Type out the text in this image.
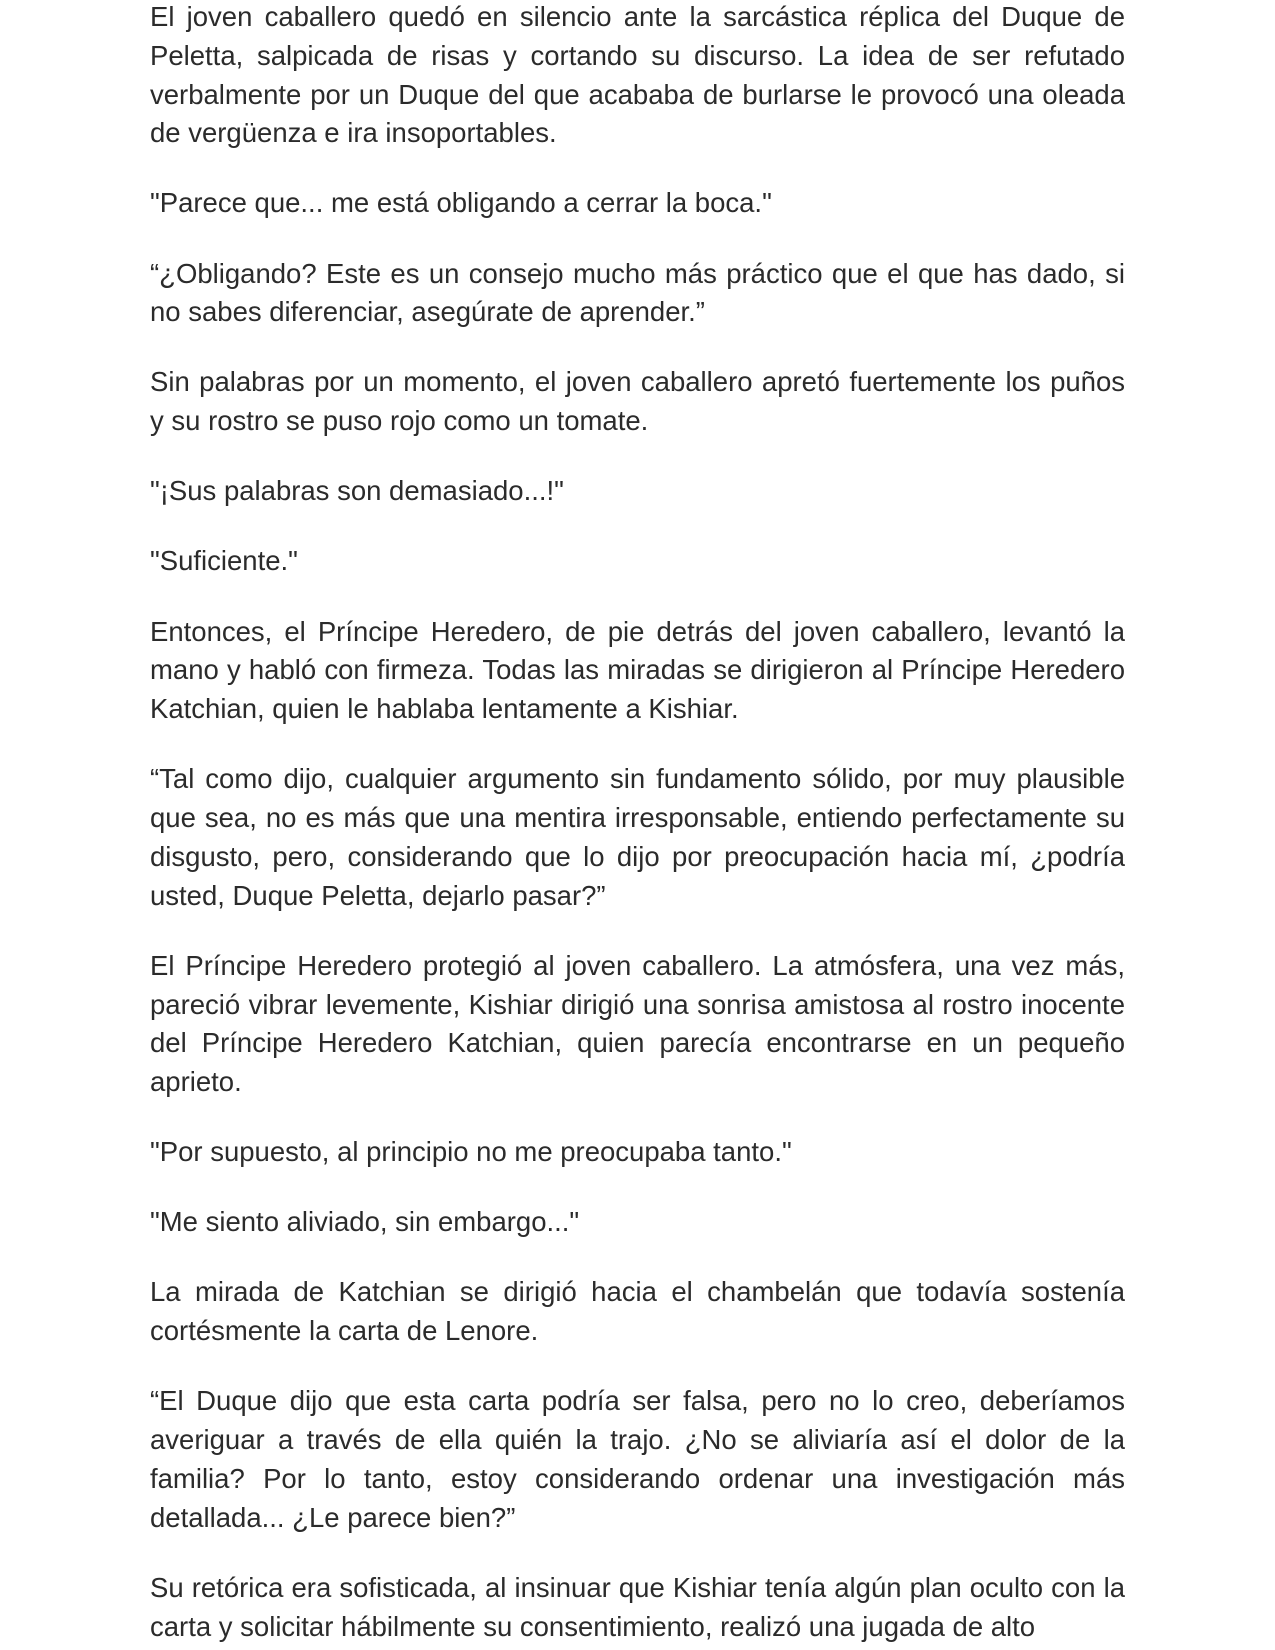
El joven caballero quedó en silencio ante la sarcástica réplica del Duque de Peletta, salpicada de risas y cortando su discurso. La idea de ser refutado verbalmente por un Duque del que acababa de burlarse le provocó una oleada de vergüenza e ira insoportables.

"Parece que... me está obligando a cerrar la boca."

“¿Obligando? Este es un consejo mucho más práctico que el que has dado, si no sabes diferenciar, asegúrate de aprender.”

Sin palabras por un momento, el joven caballero apretó fuertemente los puños y su rostro se puso rojo como un tomate.

"¡Sus palabras son demasiado...!"

"Suficiente."

Entonces, el Príncipe Heredero, de pie detrás del joven caballero, levantó la mano y habló con firmeza. Todas las miradas se dirigieron al Príncipe Heredero Katchian, quien le hablaba lentamente a Kishiar.

“Tal como dijo, cualquier argumento sin fundamento sólido, por muy plausible que sea, no es más que una mentira irresponsable, entiendo perfectamente su disgusto, pero, considerando que lo dijo por preocupación hacia mí, ¿podría usted, Duque Peletta, dejarlo pasar?”

El Príncipe Heredero protegió al joven caballero. La atmósfera, una vez más, pareció vibrar levemente, Kishiar dirigió una sonrisa amistosa al rostro inocente del Príncipe Heredero Katchian, quien parecía encontrarse en un pequeño aprieto.

"Por supuesto, al principio no me preocupaba tanto."

"Me siento aliviado, sin embargo..."

La mirada de Katchian se dirigió hacia el chambelán que todavía sostenía cortésmente la carta de Lenore.

“El Duque dijo que esta carta podría ser falsa, pero no lo creo, deberíamos averiguar a través de ella quién la trajo. ¿No se aliviaría así el dolor de la familia? Por lo tanto, estoy considerando ordenar una investigación más detallada... ¿Le parece bien?”

Su retórica era sofisticada, al insinuar que Kishiar tenía algún plan oculto con la carta y solicitar hábilmente su consentimiento, realizó una jugada de alto
